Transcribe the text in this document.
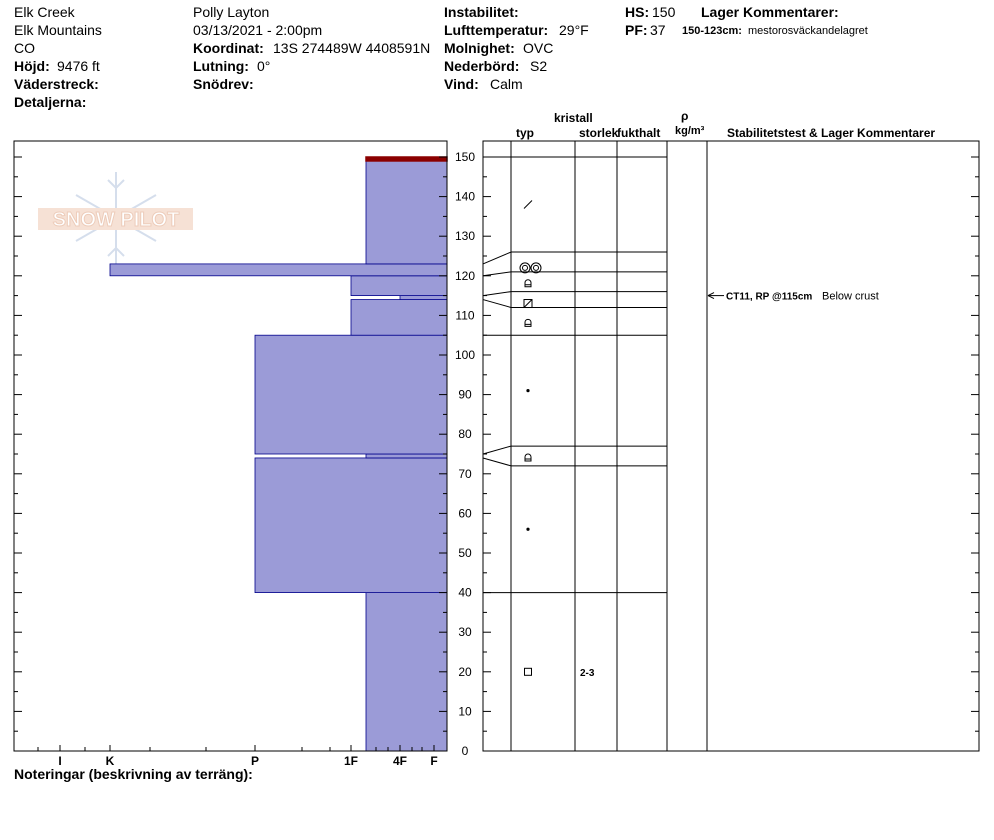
Elk Creek
Elk Mountains
CO
Höjd: 9476 ft
Väderstreck:
Detaljerna:
Polly Layton
03/13/2021 - 2:00pm
Koordinat: 13S 274489W 4408591N
Lutning: 0°
Snödrev:
Instabilitet:
Lufttemperatur: 29°F
Molnighet: OVC
Nederbörd: S2
Vind: Calm
HS: 150
PF: 37
Lager Kommentarer:
150-123cm: mestorosväckandelagret
kristall
typ	storlek
fukthalt
ρ
kg/m³ Stabilitetstest & Lager Kommentarer
Noteringar (beskrivning av terräng):
SNOW PILOT
I	K	P	1F	4F F
0
10
20
30
40
50
60
70
80
90
100
110
120
130
140
150
2-3
CT11, RP @115cm Below crust
